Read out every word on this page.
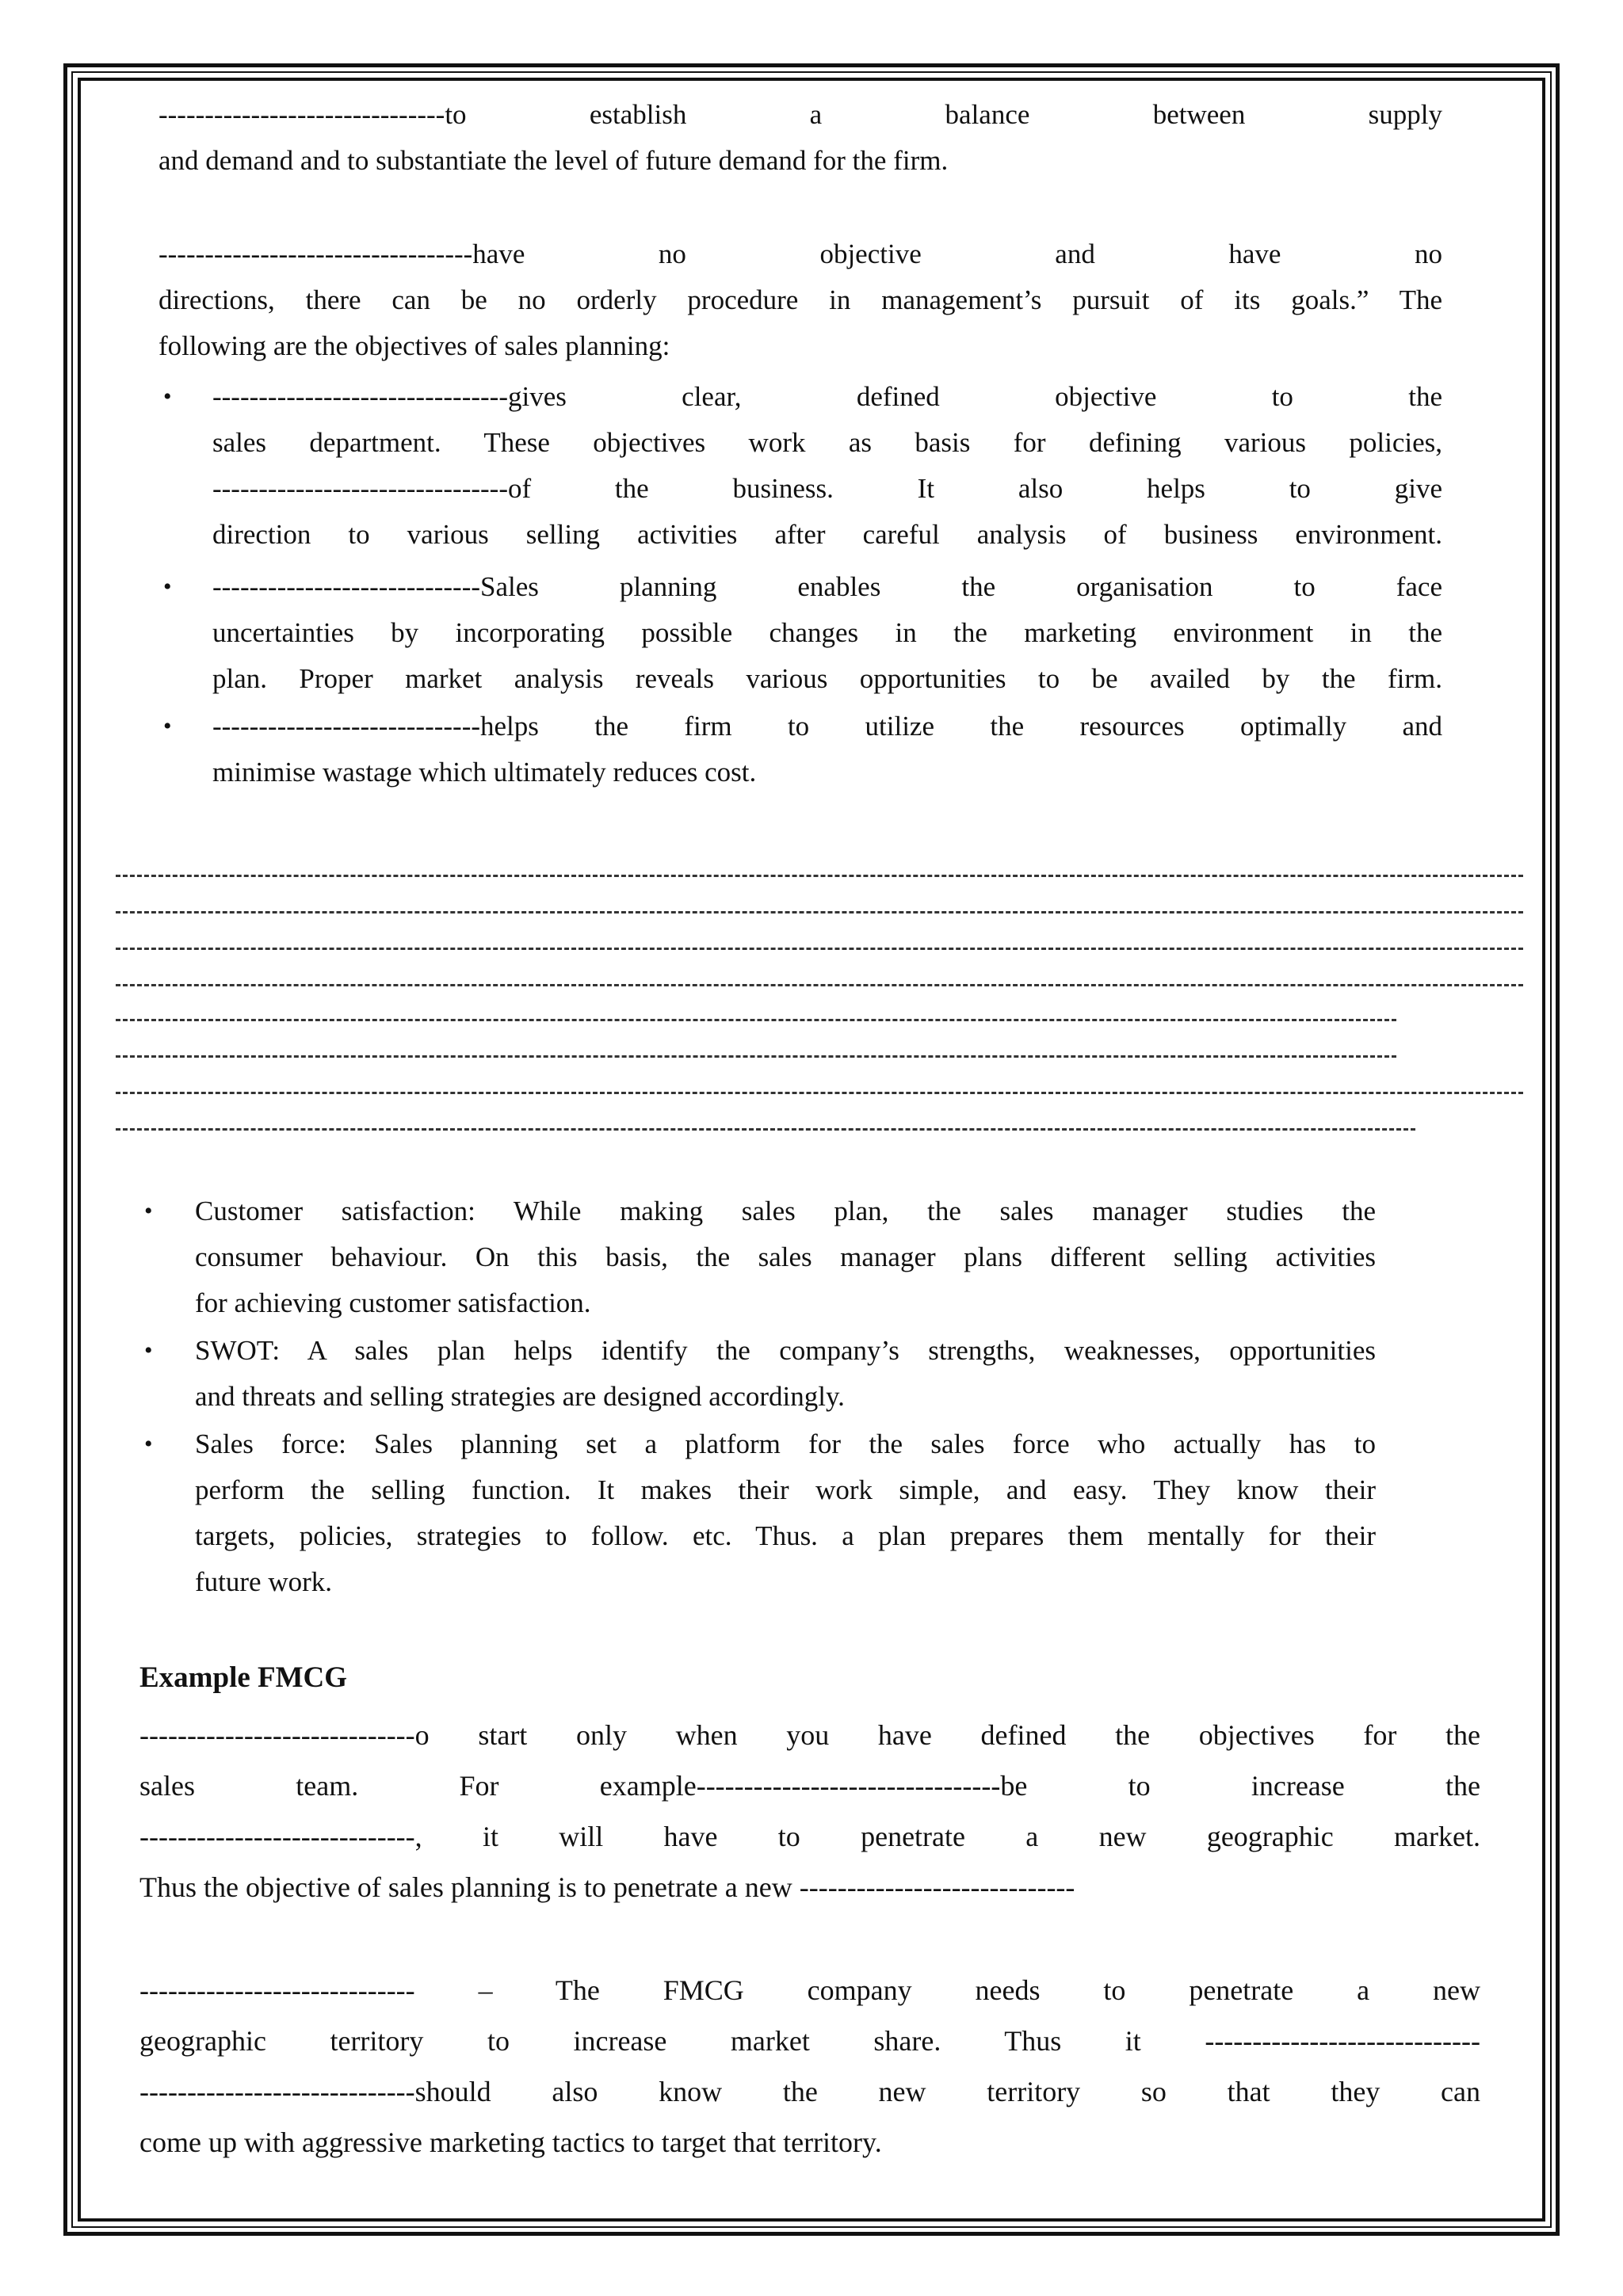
-------------------------------to establish a balance between supply
and demand and to substantiate the level of future demand for the firm.
----------------------------------have no objective and have no
directions, there can be no orderly procedure in management’s pursuit of its goals.” The
following are the objectives of sales planning:
• --------------------------------gives clear, defined objective to the
sales department. These objectives work as basis for defining various policies,
--------------------------------of the business. It also helps to give
direction to various selling activities after careful analysis of business environment.
• -----------------------------Sales planning enables the organisation to face
uncertainties by incorporating possible changes in the marketing environment in the
plan. Proper market analysis reveals various opportunities to be availed by the firm.
• -----------------------------helps the firm to utilize the resources optimally and
minimise wastage which ultimately reduces cost.
• Customer satisfaction: While making sales plan, the sales manager studies the
consumer behaviour. On this basis, the sales manager plans different selling activities
for achieving customer satisfaction.
• SWOT: A sales plan helps identify the company’s strengths, weaknesses, opportunities
and threats and selling strategies are designed accordingly.
• Sales force: Sales planning set a platform for the sales force who actually has to
perform the selling function. It makes their work simple, and easy. They know their
targets, policies, strategies to follow. etc. Thus. a plan prepares them mentally for their
future work.
Example FMCG
-----------------------------o start only when you have defined the objectives for the
sales team. For example--------------------------------be to increase the
-----------------------------, it will have to penetrate a new geographic market.
Thus the objective of sales planning is to penetrate a new -----------------------------
----------------------------- – The FMCG company needs to penetrate a new
geographic territory to increase market share. Thus it -----------------------------
-----------------------------should also know the new territory so that they can
come up with aggressive marketing tactics to target that territory.
